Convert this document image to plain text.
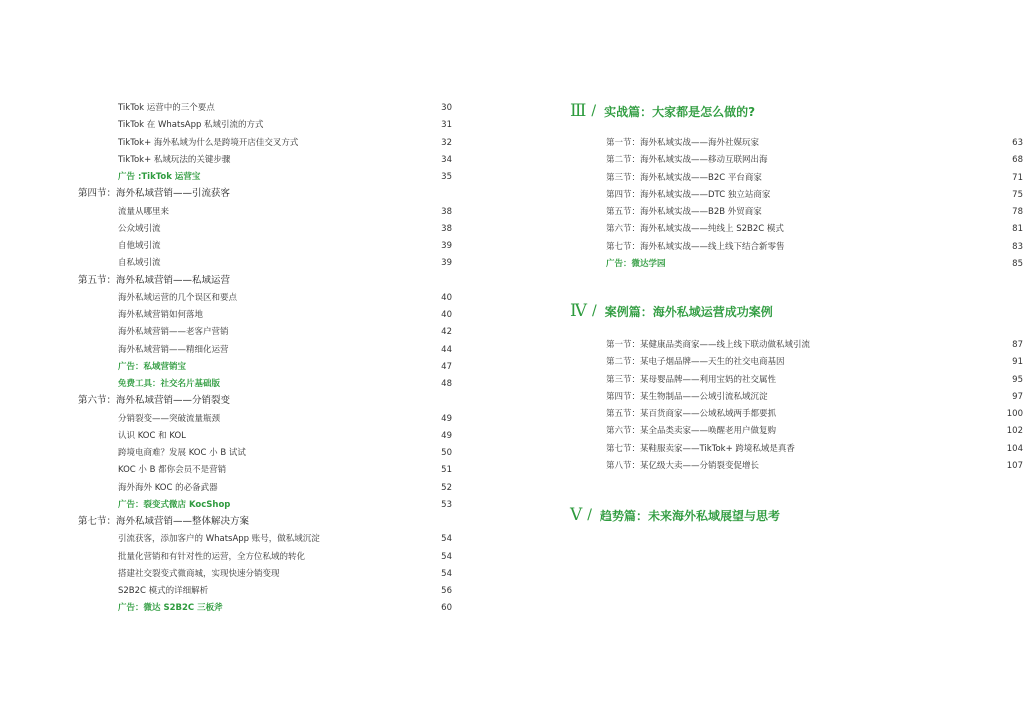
TikTok 运营中的三个要点	30
TikTok 在 WhatsApp 私域引流的方式	31
TikTok+ 海外私域为什么是跨境开店佳交叉方式	32
TikTok+ 私域玩法的关键步骤	34
广告 :TikTok 运营宝	35
第四节：海外私域营销——引流获客
流量从哪里来	38
公众域引流	38
自他域引流	39
自私域引流	39
第五节：海外私域营销——私域运营
海外私域运营的几个误区和要点	40
海外私域营销如何落地	40
海外私域营销——老客户营销	42
海外私域营销——精细化运营	44
广告：私域营销宝	47
免费工具：社交名片基础版	48
第六节：海外私域营销——分销裂变
分销裂变——突破流量瓶颈	49
认识 KOC 和 KOL	49
跨境电商难？发展 KOC 小 B 试试	50
KOC 小 B 都你会员不是营销	51
海外海外 KOC 的必备武器	52
广告：裂变式微店 KocShop	53
第七节：海外私域营销——整体解决方案
引流获客，添加客户的 WhatsApp 账号，做私域沉淀	54
批量化营销和有针对性的运营，全方位私域的转化	54
搭建社交裂变式微商城，实现快速分销变现	54
S2B2C 模式的详细解析	56
广告：微达 S2B2C 三板斧	60
Ⅲ / 实战篇：大家都是怎么做的?
第一节：海外私域实战——海外社媒玩家	63
第二节：海外私域实战——移动互联网出海	68
第三节：海外私域实战——B2C 平台商家	71
第四节：海外私域实战——DTC 独立站商家	75
第五节：海外私域实战——B2B 外贸商家	78
第六节：海外私域实战——纯线上 S2B2C 模式	81
第七节：海外私域实战——线上线下结合新零售	83
广告：微达学园	85
Ⅳ / 案例篇：海外私域运营成功案例
第一节：某健康品类商家——线上线下联动做私域引流	87
第二节：某电子烟品牌——天生的社交电商基因	91
第三节：某母婴品牌——利用宝妈的社交属性	95
第四节：某生物制品——公域引流私域沉淀	97
第五节：某百货商家——公域私域两手都要抓	100
第六节：某全品类卖家——唤醒老用户做复购	102
第七节：某鞋服卖家——TikTok+ 跨境私域是真香	104
第八节：某亿级大卖——分销裂变促增长	107
Ⅴ / 趋势篇：未来海外私域展望与思考
